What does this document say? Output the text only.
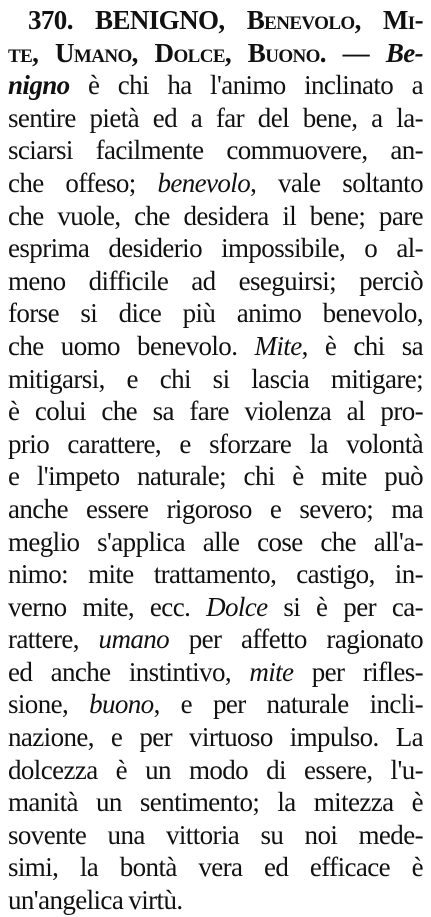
370. BENIGNO, Benevolo, Mi-
te, Umano, Dolce, Buono. — Be-
nigno è chi ha l'animo inclinato a
sentire pietà ed a far del bene, a la-
sciarsi facilmente commuovere, an-
che offeso; benevolo, vale soltanto
che vuole, che desidera il bene; pare
esprima desiderio impossibile, o al-
meno difficile ad eseguirsi; perciò
forse si dice più animo benevolo,
che uomo benevolo. Mite, è chi sa
mitigarsi, e chi si lascia mitigare;
è colui che sa fare violenza al pro-
prio carattere, e sforzare la volontà
e l'impeto naturale; chi è mite può
anche essere rigoroso e severo; ma
meglio s'applica alle cose che all'a-
nimo: mite trattamento, castigo, in-
verno mite, ecc. Dolce si è per ca-
rattere, umano per affetto ragionato
ed anche instintivo, mite per rifles-
sione, buono, e per naturale incli-
nazione, e per virtuoso impulso. La
dolcezza è un modo di essere, l'u-
manità un sentimento; la mitezza è
sovente una vittoria su noi mede-
simi, la bontà vera ed efficace è
un'angelica virtù.
